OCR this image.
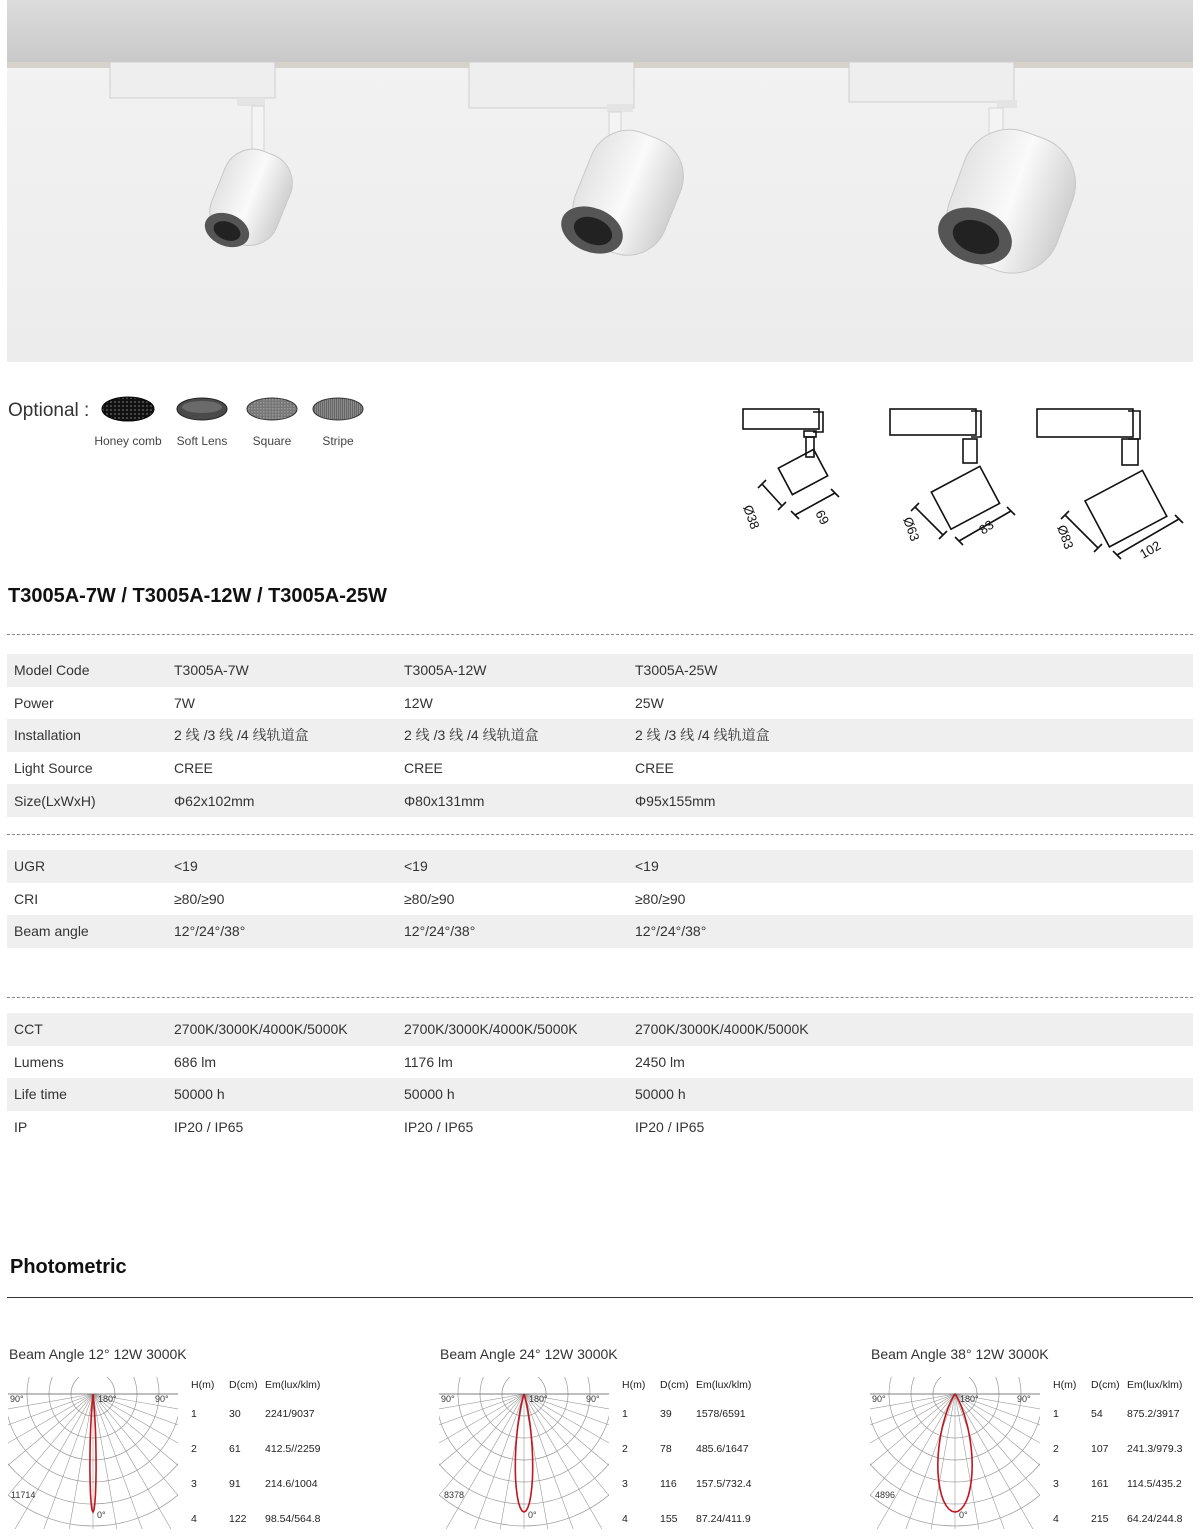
Optional :
Honey comb	Soft Lens	Square	Stripe
Ø38	69	Ø63	83	Ø83	102
T3005A-7W / T3005A-12W / T3005A-25W
Model Code	T3005A-7W	T3005A-12W	T3005A-25W
Power	7W	12W	25W
Installation	2 线 /3 线 /4 线轨道盒	2 线 /3 线 /4 线轨道盒	2 线 /3 线 /4 线轨道盒
Light Source	CREE	CREE	CREE
Size(LxWxH)	Φ62x102mm	Φ80x131mm	Φ95x155mm
UGR	<19	<19	<19
CRI	≥80/≥90	≥80/≥90	≥80/≥90
Beam angle	12°/24°/38°	12°/24°/38°	12°/24°/38°
CCT	2700K/3000K/4000K/5000K	2700K/3000K/4000K/5000K	2700K/3000K/4000K/5000K
Lumens	686 lm	1176 lm	2450 lm
Life time	50000 h	50000 h	50000 h
IP	IP20 / IP65	IP20 / IP65	IP20 / IP65
Photometric
Beam Angle 12° 12W 3000K
90°	180°	90°
0°
11714
H(m)	D(cm)	Em(lux/klm)
1	30	2241/9037
2	61	412.5//2259
3	91	214.6/1004
4	122	98.54/564.8
Beam Angle 24° 12W 3000K
90°	180°	90°
0°
8378
H(m)	D(cm)	Em(lux/klm)
1	39	1578/6591
2	78	485.6/1647
3	116	157.5/732.4
4	155	87.24/411.9
Beam Angle 38° 12W 3000K
90°	180°	90°
0°
4896
H(m)	D(cm)	Em(lux/klm)
1	54	875.2/3917
2	107	241.3/979.3
3	161	114.5/435.2
4	215	64.24/244.8
